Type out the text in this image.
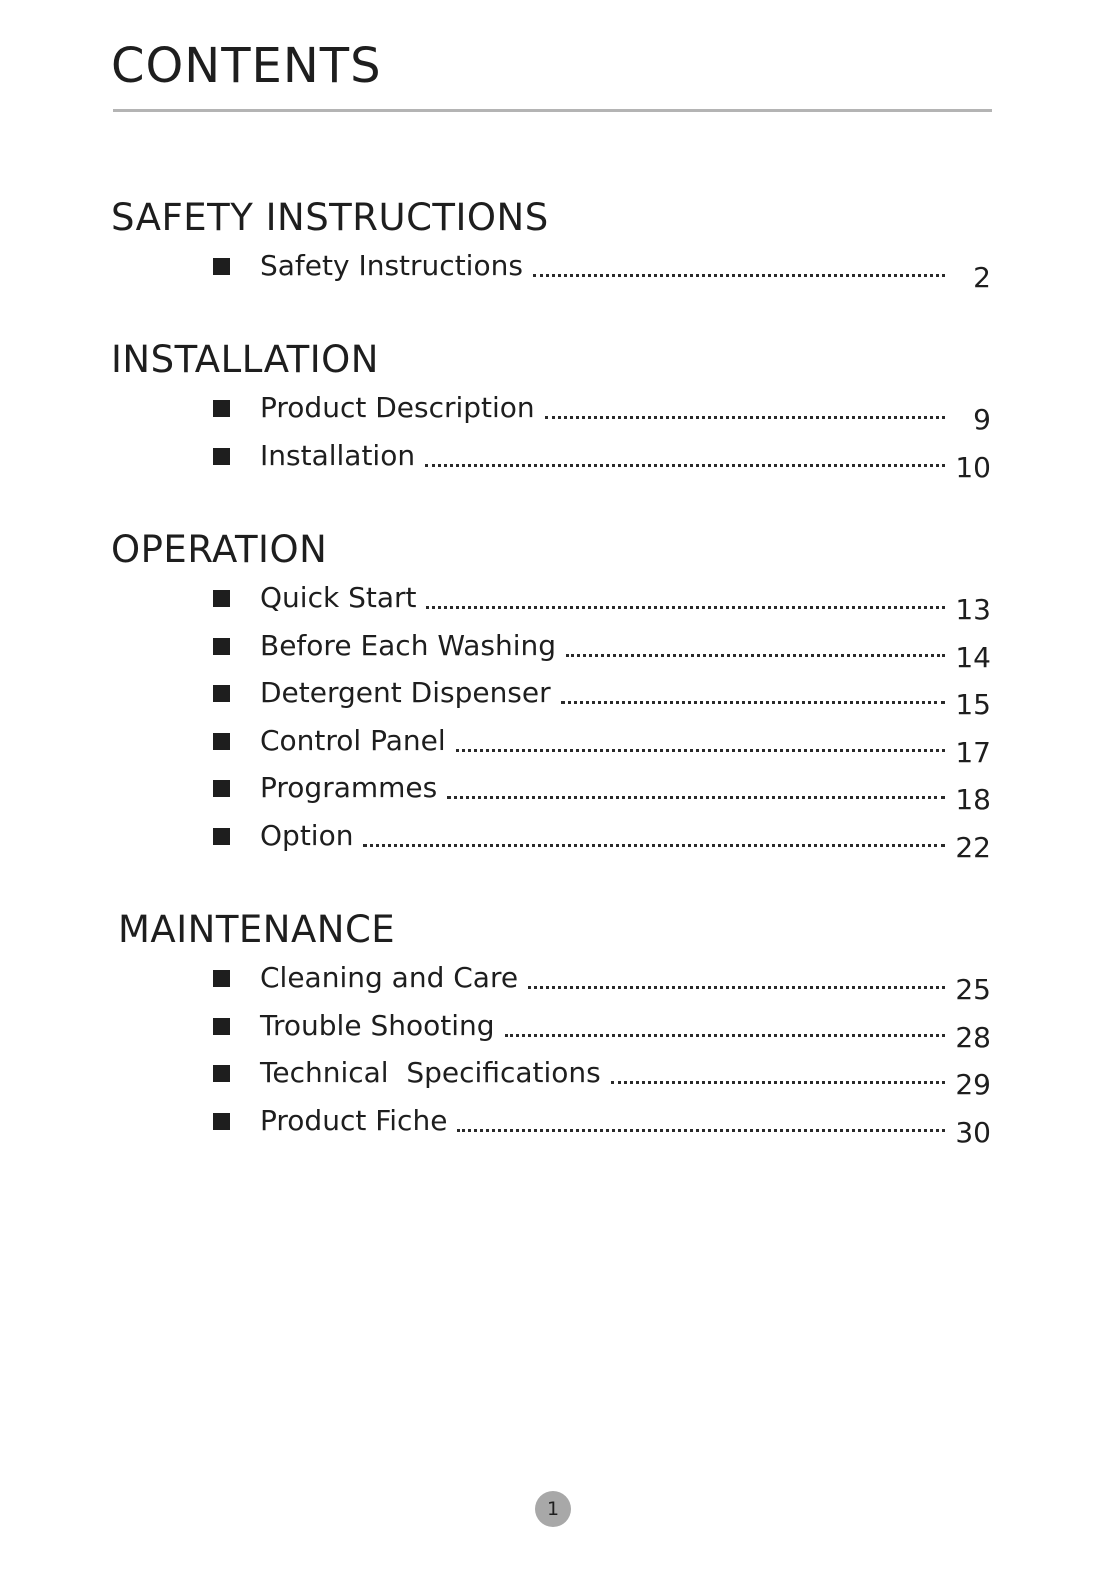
CONTENTS
SAFETY INSTRUCTIONS
Safety Instructions	2
INSTALLATION
Product Description	9
Installation	10
OPERATION
Quick Start	13
Before Each Washing	14
Detergent Dispenser	15
Control Panel	17
Programmes	18
Option	22
MAINTENANCE
Cleaning and Care	25
Trouble Shooting	28
Technical  Specifications	29
Product Fiche	30
1
